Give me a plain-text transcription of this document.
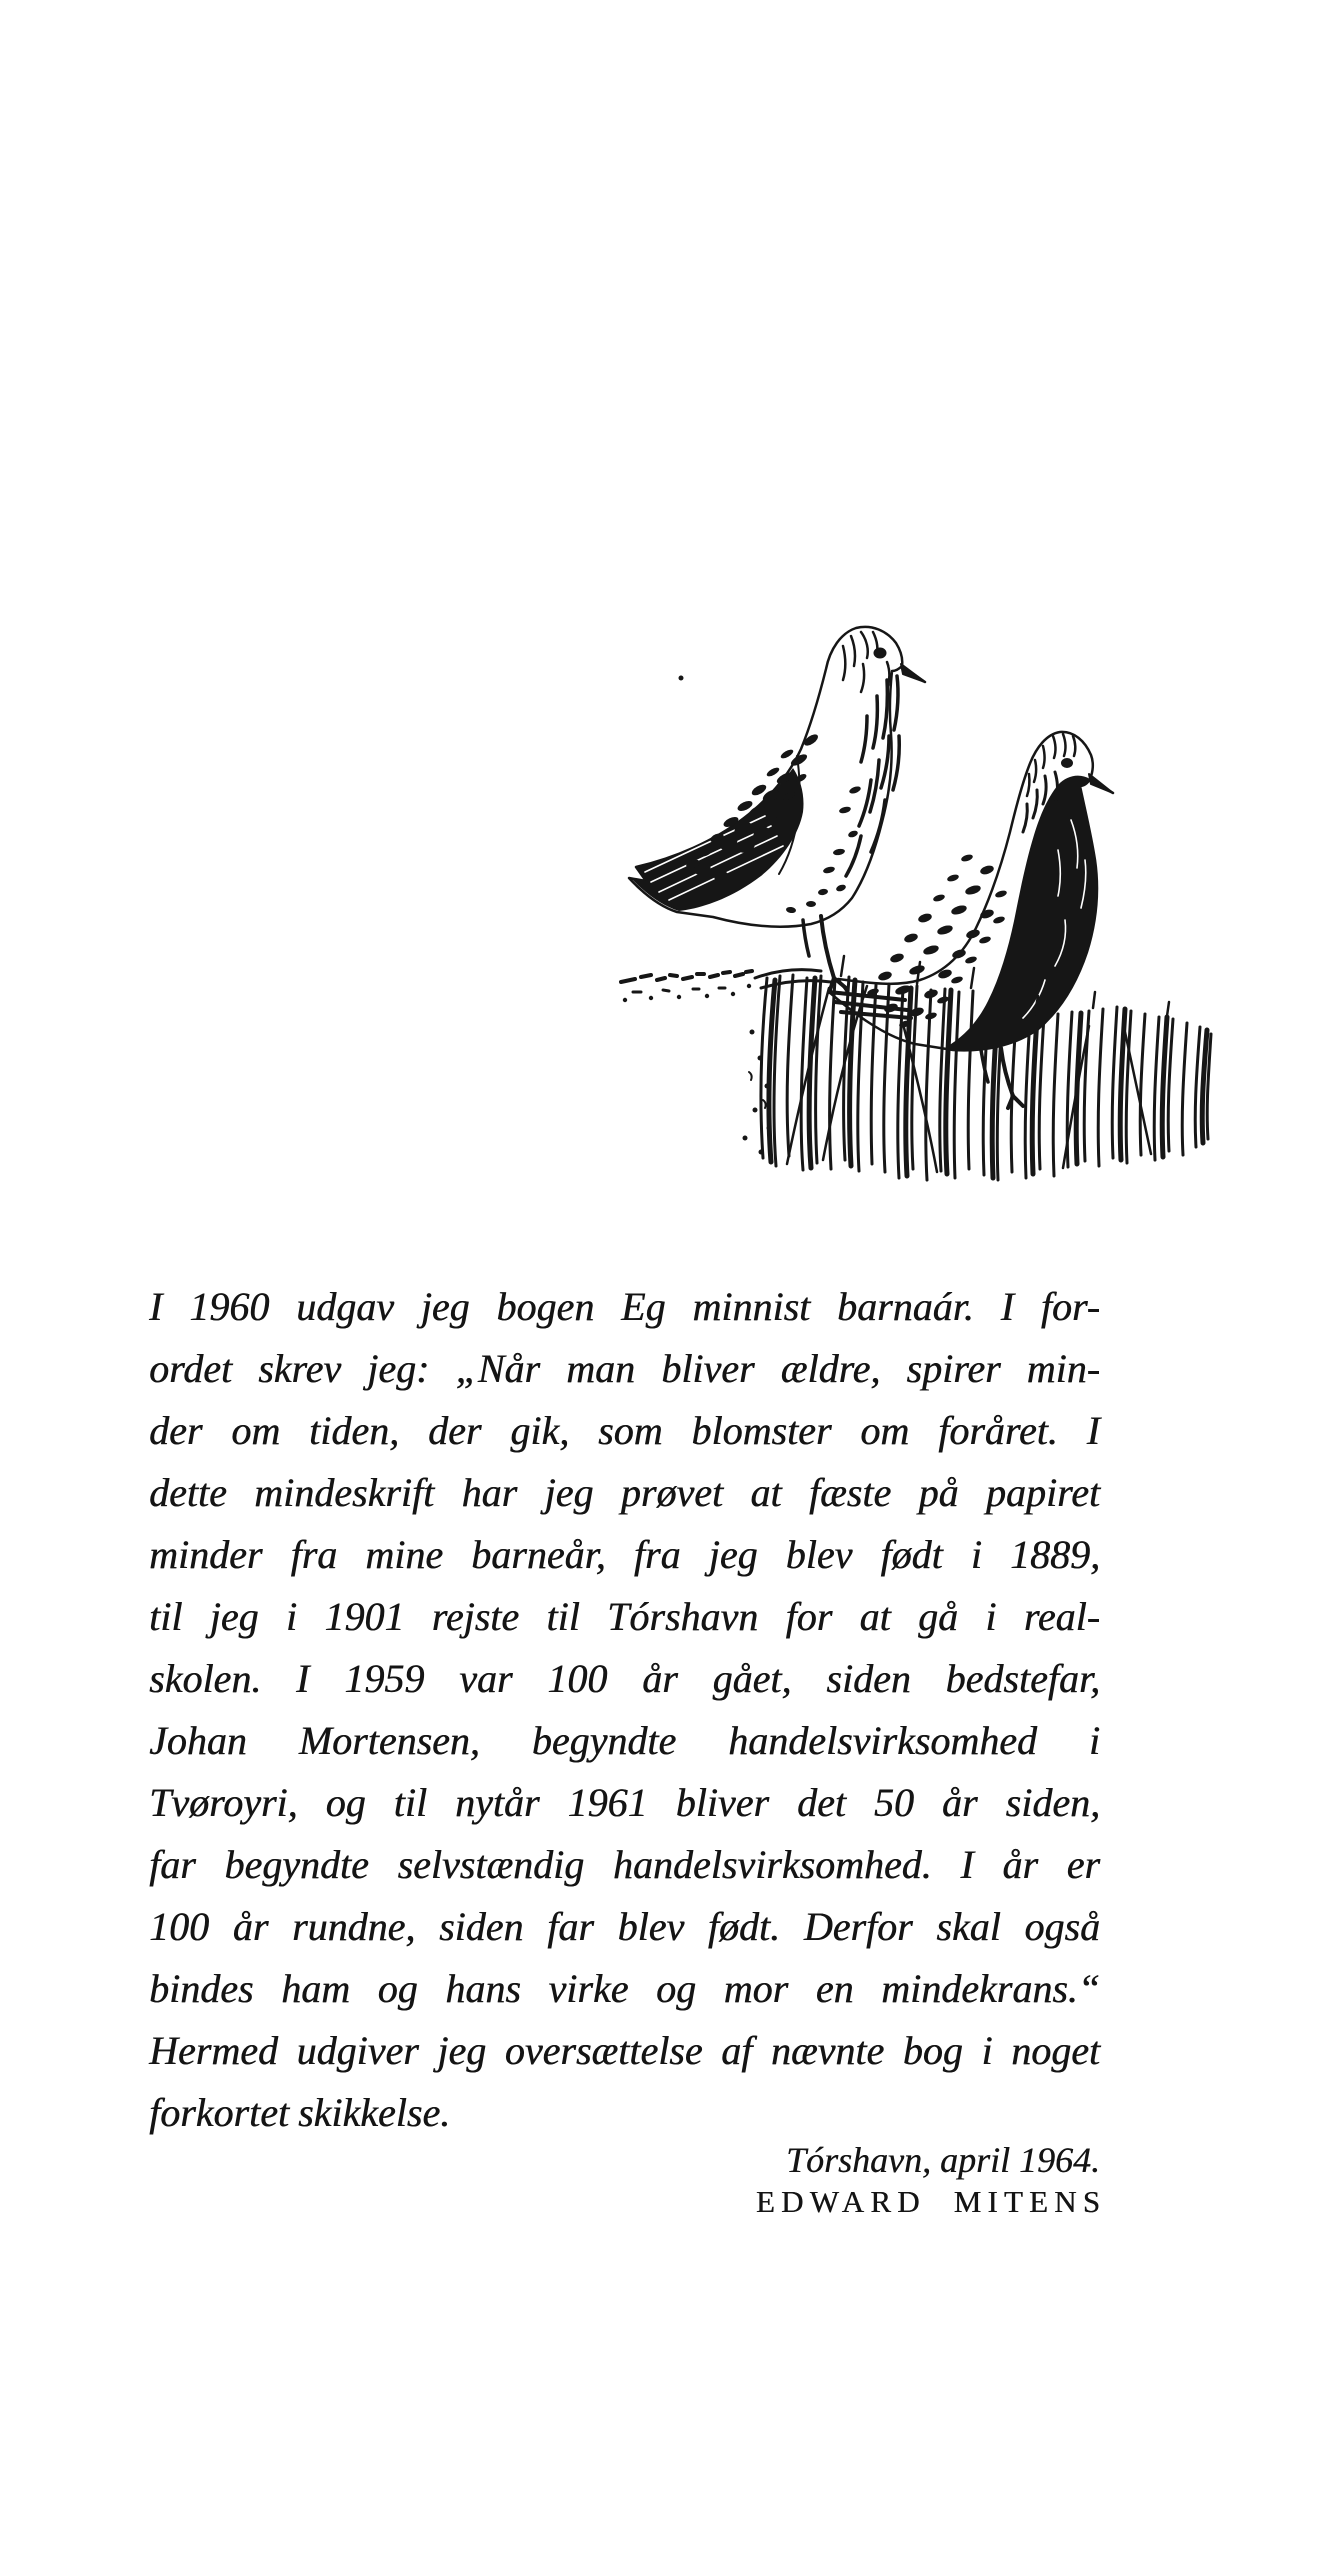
I 1960 udgav jeg bogen Eg minnist barnaár. I for-

ordet skrev jeg: „Når man bliver ældre, spirer min-

der om tiden, der gik, som blomster om foråret. I

dette mindeskrift har jeg prøvet at fæste på papiret

minder fra mine barneår, fra jeg blev født i 1889,

til jeg i 1901 rejste til Tórshavn for at gå i real-

skolen. I 1959 var 100 år gået, siden bedstefar,

Johan Mortensen, begyndte handelsvirksomhed i

Tvøroyri, og til nytår 1961 bliver det 50 år siden,

far begyndte selvstændig handelsvirksomhed. I år er

100 år rundne, siden far blev født. Derfor skal også

bindes ham og hans virke og mor en mindekrans.“

Hermed udgiver jeg oversættelse af nævnte bog i noget

forkortet skikkelse.

Tórshavn, april 1964.
EDWARD MITENS
